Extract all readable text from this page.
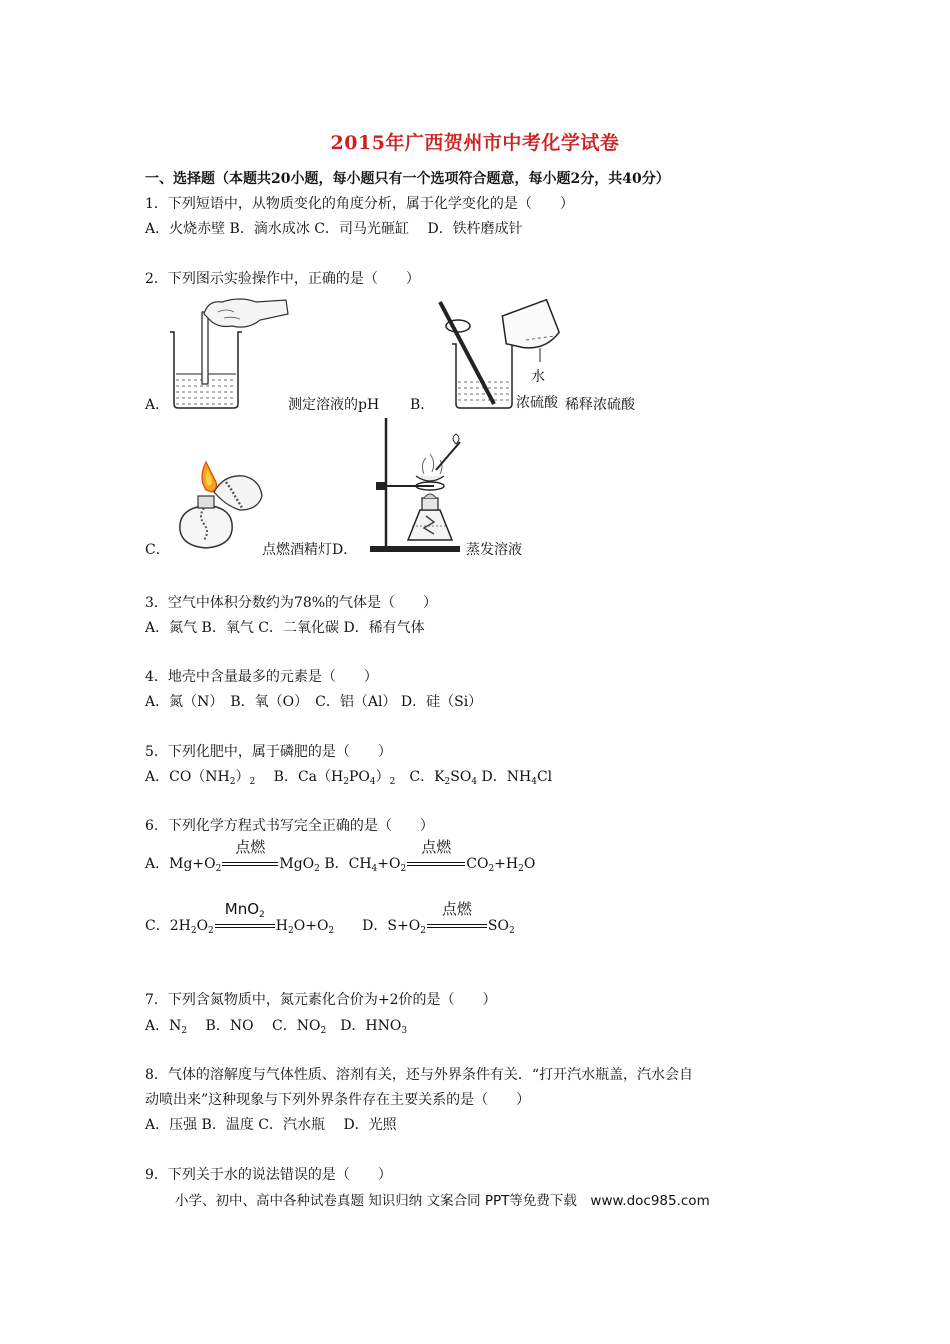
2015年广西贺州市中考化学试卷
一、选择题（本题共20小题，每小题只有一个选项符合题意，每小题2分，共40分）
1．下列短语中，从物质变化的角度分析，属于化学变化的是（　　）
A．火烧赤壁 B．滴水成冰 C．司马光砸缸　 D．铁杵磨成针
2．下列图示实验操作中，正确的是（　　）
A．	测定溶液的pH
水
B．	浓硫酸 稀释浓硫酸
C．	点燃酒精灯D．	蒸发溶液
3．空气中体积分数约为78%的气体是（　　）
A．氮气 B．氧气 C．二氧化碳 D．稀有气体
4．地壳中含量最多的元素是（　　）
A．氮（N）　B．氧（O）　C．铝（Al） D．硅（Si）
5．下列化肥中，属于磷肥的是（　　）
A．$CO(NH_2)_2$　 B．$Ca(H_2PO_4)_2$　C．$K_2SO_4$ D．$NH_4Cl$
6．下列化学方程式书写完全正确的是（　　）
A．$Mg+O_2$
点燃
MgO$_2$ B．$CH_4+O_2$
点燃
$CO_2+H_2O$
C．$2H_2O_2$
MnO$_2$
$H_2O+O_2$　　D．$S+O_2$
点燃
$SO_2$
7．下列含氮物质中，氮元素化合价为+2价的是（　　）
A．$N_2$　 B．NO　 C．$NO_2$　D．$HNO_3$
8．气体的溶解度与气体性质、溶剂有关，还与外界条件有关．“打开汽水瓶盖，汽水会自
动喷出来”这种现象与下列外界条件存在主要关系的是（　　）
A．压强 B．温度 C．汽水瓶　 D．光照
9．下列关于水的说法错误的是（　　）
小学、初中、高中各种试卷真题 知识归纳 文案合同 PPT等免费下载　www.doc985.com
